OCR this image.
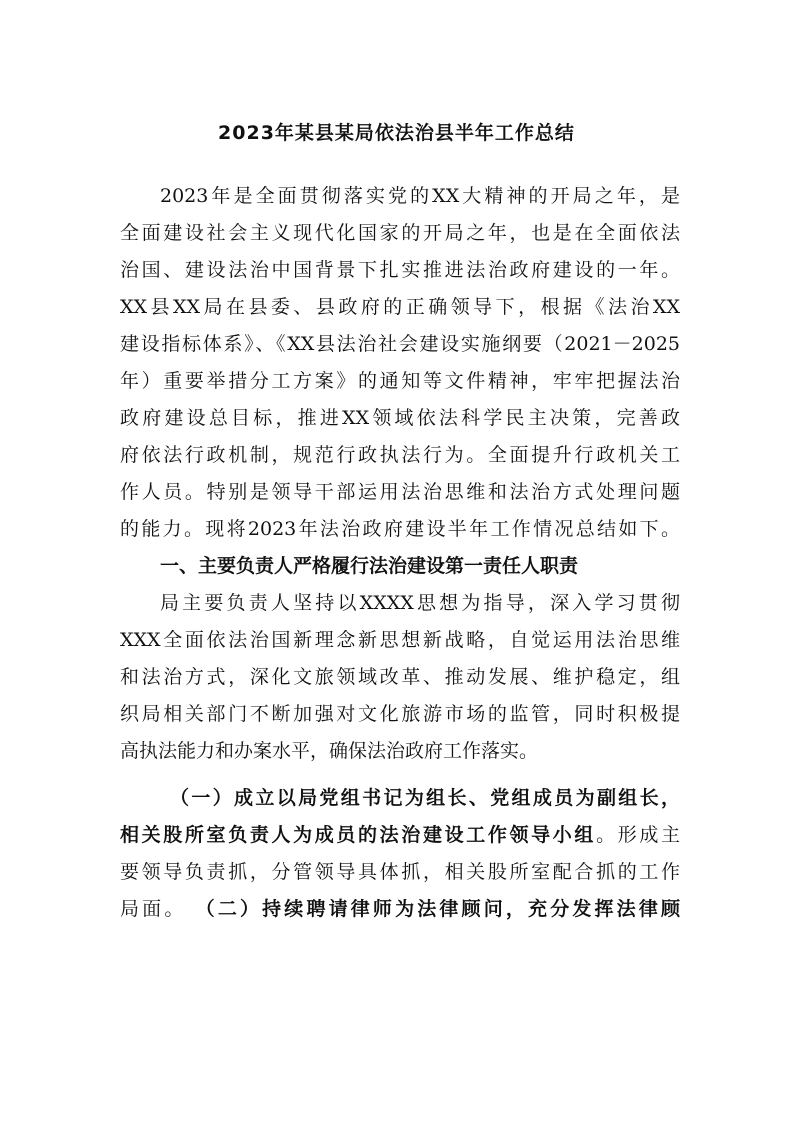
2023年某县某局依法治县半年工作总结
2023年是全面贯彻落实党的XX大精神的开局之年，是
全面建设社会主义现代化国家的开局之年，也是在全面依法
治国、建设法治中国背景下扎实推进法治政府建设的一年。
XX县XX局在县委、县政府的正确领导下，根据《法治XX
建设指标体系》、《XX县法治社会建设实施纲要（2021－2025
年）重要举措分工方案》的通知等文件精神，牢牢把握法治
政府建设总目标，推进XX领域依法科学民主决策，完善政
府依法行政机制，规范行政执法行为。全面提升行政机关工
作人员。特别是领导干部运用法治思维和法治方式处理问题
的能力。现将2023年法治政府建设半年工作情况总结如下。
一、主要负责人严格履行法治建设第一责任人职责
局主要负责人坚持以XXXX思想为指导，深入学习贯彻
XXX全面依法治国新理念新思想新战略，自觉运用法治思维
和法治方式，深化文旅领域改革、推动发展、维护稳定，组
织局相关部门不断加强对文化旅游市场的监管，同时积极提
高执法能力和办案水平，确保法治政府工作落实。
（一）成立以局党组书记为组长、党组成员为副组长，
相关股所室负责人为成员的法治建设工作领导小组。形成主
要领导负责抓，分管领导具体抓，相关股所室配合抓的工作
局面。 （二）持续聘请律师为法律顾问，充分发挥法律顾
